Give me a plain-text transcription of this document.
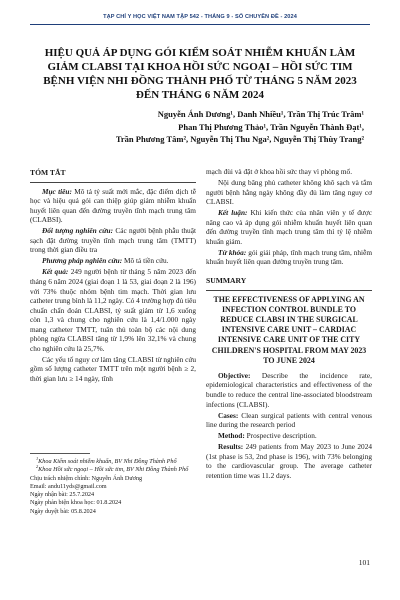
TẠP CHÍ Y HỌC VIỆT NAM TẬP 542 - THÁNG 9 - SỐ CHUYÊN ĐỀ - 2024
HIỆU QUẢ ÁP DỤNG GÓI KIỂM SOÁT NHIỄM KHUẨN LÀM GIẢM CLABSI TẠI KHOA HỒI SỨC NGOẠI – HỒI SỨC TIM BỆNH VIỆN NHI ĐỒNG THÀNH PHỐ TỪ THÁNG 5 NĂM 2023 ĐẾN THÁNG 6 NĂM 2024
Nguyễn Ánh Dương¹, Danh Nhiều¹, Trần Thị Trúc Trâm¹
Phan Thị Phương Thảo¹, Trần Nguyễn Thành Đạt¹,
Trần Phương Tâm², Nguyễn Thị Thu Nga², Nguyễn Thị Thùy Trang²
TÓM TẮT

Mục tiêu: Mô tả tỷ suất mới mắc, đặc điểm dịch tễ học và hiệu quả gói can thiệp giúp giảm nhiễm khuẩn huyết liên quan đến đường truyền tĩnh mạch trung tâm (CLABSI).

Đối tượng nghiên cứu: Các người bệnh phẫu thuật sạch đặt đường truyền tĩnh mạch trung tâm (TMTT) trong thời gian điều tra

Phương pháp nghiên cứu: Mô tả tiền cứu.

Kết quả: 249 người bệnh từ tháng 5 năm 2023 đến tháng 6 năm 2024 (giai đoạn 1 là 53, giai đoạn 2 là 196) với 73% thuộc nhóm bệnh tim mạch. Thời gian lưu catheter trung bình là 11,2 ngày. Có 4 trường hợp đủ tiêu chuẩn chẩn đoán CLABSI, tỷ suất giảm từ 1,6 xuống còn 1,3 và chung cho nghiên cứu là 1,4/1.000 ngày mang catheter TMTT, tuân thủ toàn bộ các nội dung phòng ngừa CLABSI tăng từ 1,9% lên 32,1% và chung cho nghiên cứu là 25,7%.

Các yếu tố nguy cơ làm tăng CLABSI từ nghiên cứu gồm số lượng catheter TMTT trên một người bệnh ≥ 2, thời gian lưu ≥ 14 ngày, tĩnh

$^1$Khoa Kiểm soát nhiễm khuẩn, BV Nhi Đồng Thành Phố
$^2$Khoa Hồi sức ngoại – Hồi sức tim, BV Nhi Đồng Thành Phố
Chịu trách nhiệm chính: Nguyễn Ánh Dương
Email: andu11yds@gmail.com
Ngày nhận bài: 25.7.2024
Ngày phản biện khoa học: 01.8.2024
Ngày duyệt bài: 05.8.2024

mạch đùi và đặt ở khoa hồi sức thay vì phòng mổ.

Nội dung băng phủ catheter không khô sạch và tắm người bệnh hằng ngày không đầy đủ làm tăng nguy cơ CLABSI.

Kết luận: Khi kiến thức của nhân viên y tế được nâng cao và áp dụng gói nhiễm khuẩn huyết liên quan đến đường truyền tĩnh mạch trung tâm thì tỷ lệ nhiễm khuẩn giảm.

Từ khóa: gói giải pháp, tĩnh mạch trung tâm, nhiễm khuẩn huyết liên quan đường truyền trung tâm.

SUMMARY
THE EFFECTIVENESS OF APPLYING AN INFECTION CONTROL BUNDLE TO REDUCE CLABSI IN THE SURGICAL INTENSIVE CARE UNIT – CARDIAC INTENSIVE CARE UNIT OF THE CITY CHILDREN'S HOSPITAL FROM MAY 2023 TO JUNE 2024

Objective: Describe the incidence rate, epidemiological characteristics and effectiveness of the bundle to reduce the central line-associated bloodstream infections (CLABSI).

Cases: Clean surgical patients with central venous line during the research period

Method: Prospective description.

Results: 249 patients from May 2023 to June 2024 (1st phase is 53, 2nd phase is 196), with 73% belonging to the cardiovascular group. The average catheter retention time was 11.2 days.

101
